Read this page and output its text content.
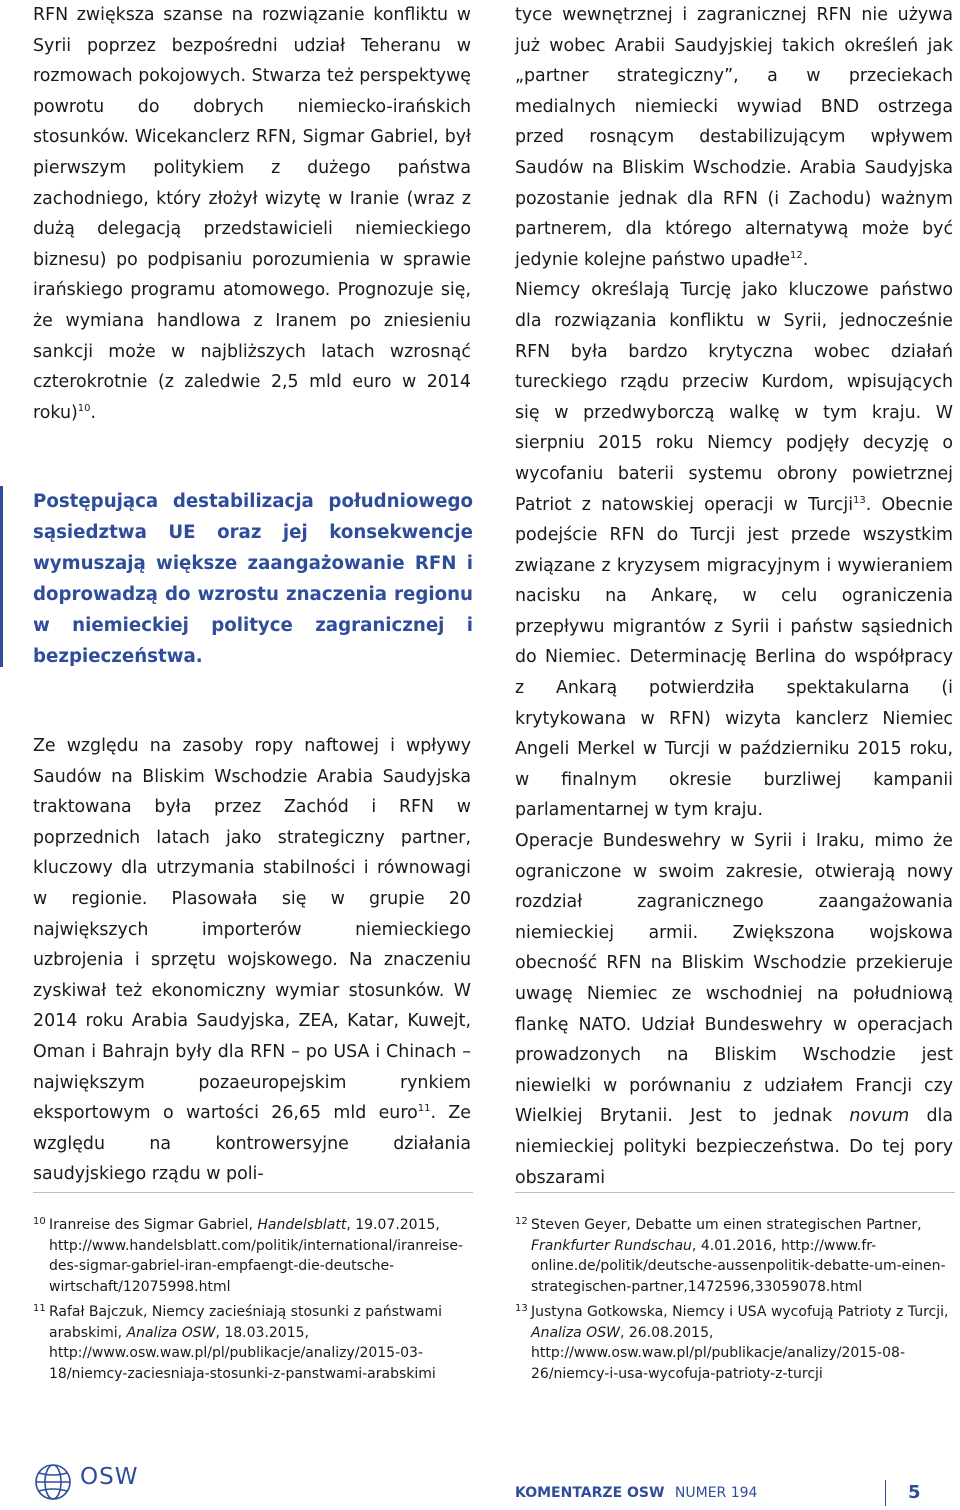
RFN zwiększa szanse na rozwiązanie konfliktu w Syrii poprzez bezpośredni udział Teheranu w rozmowach pokojowych. Stwarza też perspektywę powrotu do dobrych niemiecko-irańskich stosunków. Wicekanclerz RFN, Sigmar Gabriel, był pierwszym politykiem z dużego państwa zachodniego, który złożył wizytę w Iranie (wraz z dużą delegacją przedstawicieli niemieckiego biznesu) po podpisaniu porozumienia w sprawie irańskiego programu atomowego. Prognozuje się, że wymiana handlowa z Iranem po zniesieniu sankcji może w najbliższych latach wzrosnąć czterokrotnie (z zaledwie 2,5 mld euro w 2014 roku)$^{10}$.

Postępująca destabilizacja południowego sąsiedztwa UE oraz jej konsekwencje wymuszają większe zaangażowanie RFN i doprowadzą do wzrostu znaczenia regionu w niemieckiej polityce zagranicznej i bezpieczeństwa.

Ze względu na zasoby ropy naftowej i wpływy Saudów na Bliskim Wschodzie Arabia Saudyjska traktowana była przez Zachód i RFN w poprzednich latach jako strategiczny partner, kluczowy dla utrzymania stabilności i równowagi w regionie. Plasowała się w grupie 20 największych importerów niemieckiego uzbrojenia i sprzętu wojskowego. Na znaczeniu zyskiwał też ekonomiczny wymiar stosunków. W 2014 roku Arabia Saudyjska, ZEA, Katar, Kuwejt, Oman i Bahrajn były dla RFN – po USA i Chinach – największym pozaeuropejskim rynkiem eksportowym o wartości 26,65 mld euro$^{11}$. Ze względu na kontrowersyjne działania saudyjskiego rządu w poli-

tyce wewnętrznej i zagranicznej RFN nie używa już wobec Arabii Saudyjskiej takich określeń jak „partner strategiczny”, a w przeciekach medialnych niemiecki wywiad BND ostrzega przed rosnącym destabilizującym wpływem Saudów na Bliskim Wschodzie. Arabia Saudyjska pozostanie jednak dla RFN (i Zachodu) ważnym partnerem, dla którego alternatywą może być jedynie kolejne państwo upadłe$^{12}$.

Niemcy określają Turcję jako kluczowe państwo dla rozwiązania konfliktu w Syrii, jednocześnie RFN była bardzo krytyczna wobec działań tureckiego rządu przeciw Kurdom, wpisujących się w przedwyborczą walkę w tym kraju. W sierpniu 2015 roku Niemcy podjęły decyzję o wycofaniu baterii systemu obrony powietrznej Patriot z natowskiej operacji w Turcji$^{13}$. Obecnie podejście RFN do Turcji jest przede wszystkim związane z kryzysem migracyjnym i wywieraniem nacisku na Ankarę, w celu ograniczenia przepływu migrantów z Syrii i państw sąsiednich do Niemiec. Determinację Berlina do współpracy z Ankarą potwierdziła spektakularna (i krytykowana w RFN) wizyta kanclerz Niemiec Angeli Merkel w Turcji w październiku 2015 roku, w finalnym okresie burzliwej kampanii parlamentarnej w tym kraju.

Operacje Bundeswehry w Syrii i Iraku, mimo że ograniczone w swoim zakresie, otwierają nowy rozdział zagranicznego zaangażowania niemieckiej armii. Zwiększona wojskowa obecność RFN na Bliskim Wschodzie przekieruje uwagę Niemiec ze wschodniej na południową flankę NATO. Udział Bundeswehry w operacjach prowadzonych na Bliskim Wschodzie jest niewielki w porównaniu z udziałem Francji czy Wielkiej Brytanii. Jest to jednak novum dla niemieckiej polityki bezpieczeństwa. Do tej pory obszarami

10 Iranreise des Sigmar Gabriel, Handelsblatt, 19.07.2015, http://www.handelsblatt.com/politik/international/iranreise-des-sigmar-gabriel-iran-empfaengt-die-deutsche-wirtschaft/12075998.html
11 Rafał Bajczuk, Niemcy zacieśniają stosunki z państwami arabskimi, Analiza OSW, 18.03.2015, http://www.osw.waw.pl/pl/publikacje/analizy/2015-03-18/niemcy-zaciesniaja-stosunki-z-panstwami-arabskimi
12 Steven Geyer, Debatte um einen strategischen Partner, Frankfurter Rundschau, 4.01.2016, http://www.fr-online.de/politik/deutsche-aussenpolitik-debatte-um-einen-strategischen-partner,1472596,33059078.html
13 Justyna Gotkowska, Niemcy i USA wycofują Patrioty z Turcji, Analiza OSW, 26.08.2015, http://www.osw.waw.pl/pl/publikacje/analizy/2015-08-26/niemcy-i-usa-wycofuja-patrioty-z-turcji
OSW
KOMENTARZE OSW NUMER 194	5
